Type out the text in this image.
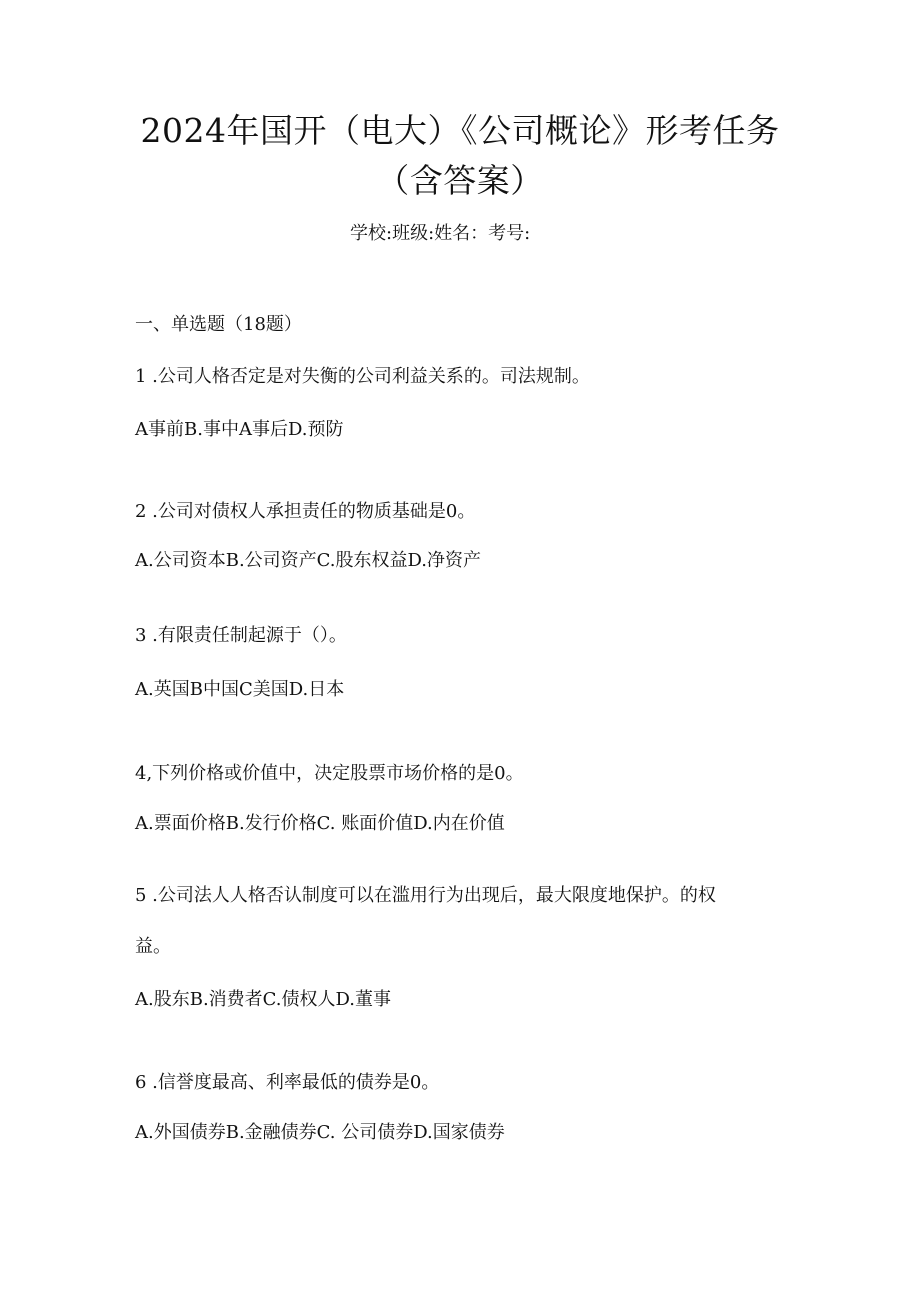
2024年国开（电大）《公司概论》形考任务
（含答案）
学校:班级:姓名：考号:
一、单选题（18题）
1 .公司人格否定是对失衡的公司利益关系的。司法规制。
A事前B.事中A事后D.预防
2 .公司对债权人承担责任的物质基础是0。
A.公司资本B.公司资产C.股东权益D.净资产
3 .有限责任制起源于（）。
A.英国B中国C美国D.日本
4,下列价格或价值中，决定股票市场价格的是0。
A.票面价格B.发行价格C. 账面价值D.内在价值
5 .公司法人人格否认制度可以在滥用行为出现后，最大限度地保护。的权
益。
A.股东B.消费者C.债权人D.董事
6 .信誉度最高、利率最低的债券是0。
A.外国债券B.金融债券C. 公司债券D.国家债券
